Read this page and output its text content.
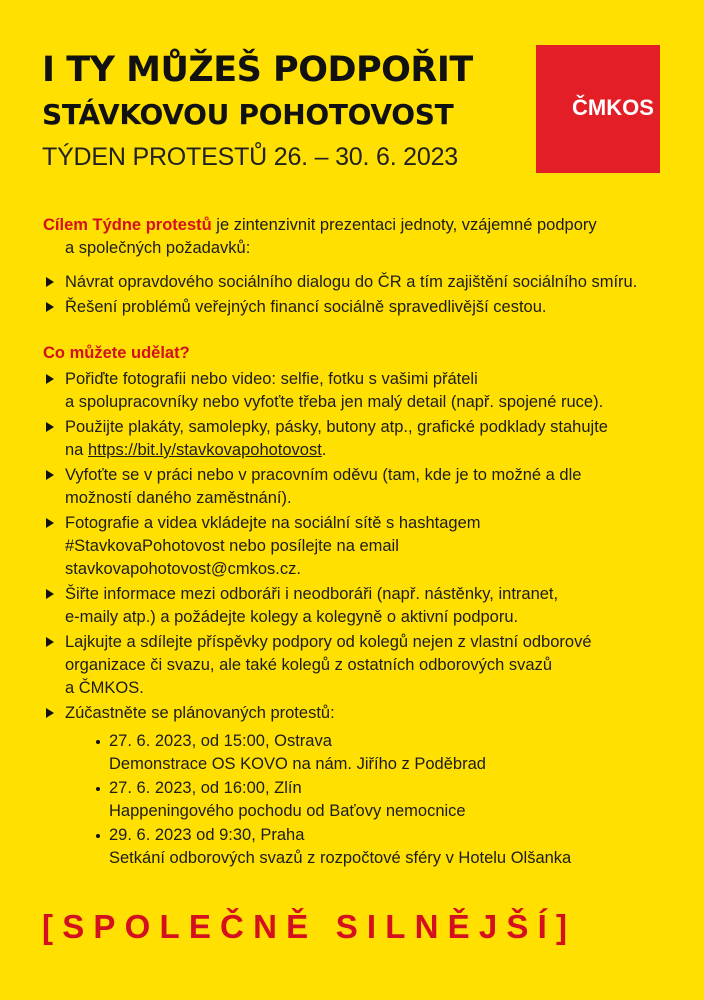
I TY MŮŽEŠ PODPOŘIT
STÁVKOVOU POHOTOVOST
TÝDEN PROTESTŮ 26. – 30. 6. 2023
ČMKOS
Cílem Týdne protestů je zintenzivnit prezentaci jednoty, vzájemné podpory
a společných požadavků:
Návrat opravdového sociálního dialogu do ČR a tím zajištění sociálního smíru.
Řešení problémů veřejných financí sociálně spravedlivější cestou.
Co můžete udělat?
Pořiďte fotografii nebo video: selfie, fotku s vašimi přáteli
a spolupracovníky nebo vyfoťte třeba jen malý detail (např. spojené ruce).
Použijte plakáty, samolepky, pásky, butony atp., grafické podklady stahujte
na https://bit.ly/stavkovapohotovost.
Vyfoťte se v práci nebo v pracovním oděvu (tam, kde je to možné a dle
možností daného zaměstnání).
Fotografie a videa vkládejte na sociální sítě s hashtagem
#StavkovaPohotovost nebo posílejte na email
stavkovapohotovost@cmkos.cz.
Šiřte informace mezi odboráři i neodboráři (např. nástěnky, intranet,
e-maily atp.) a požádejte kolegy a kolegyně o aktivní podporu.
Lajkujte a sdílejte příspěvky podpory od kolegů nejen z vlastní odborové
organizace či svazu, ale také kolegů z ostatních odborových svazů
a ČMKOS.
Zúčastněte se plánovaných protestů:
27. 6. 2023, od 15:00, Ostrava
Demonstrace OS KOVO na nám. Jiřího z Poděbrad
27. 6. 2023, od 16:00, Zlín
Happeningového pochodu od Baťovy nemocnice
29. 6. 2023 od 9:30, Praha
Setkání odborových svazů z rozpočtové sféry v Hotelu Olšanka
[SPOLEČNĚ SILNĚJŠÍ]
